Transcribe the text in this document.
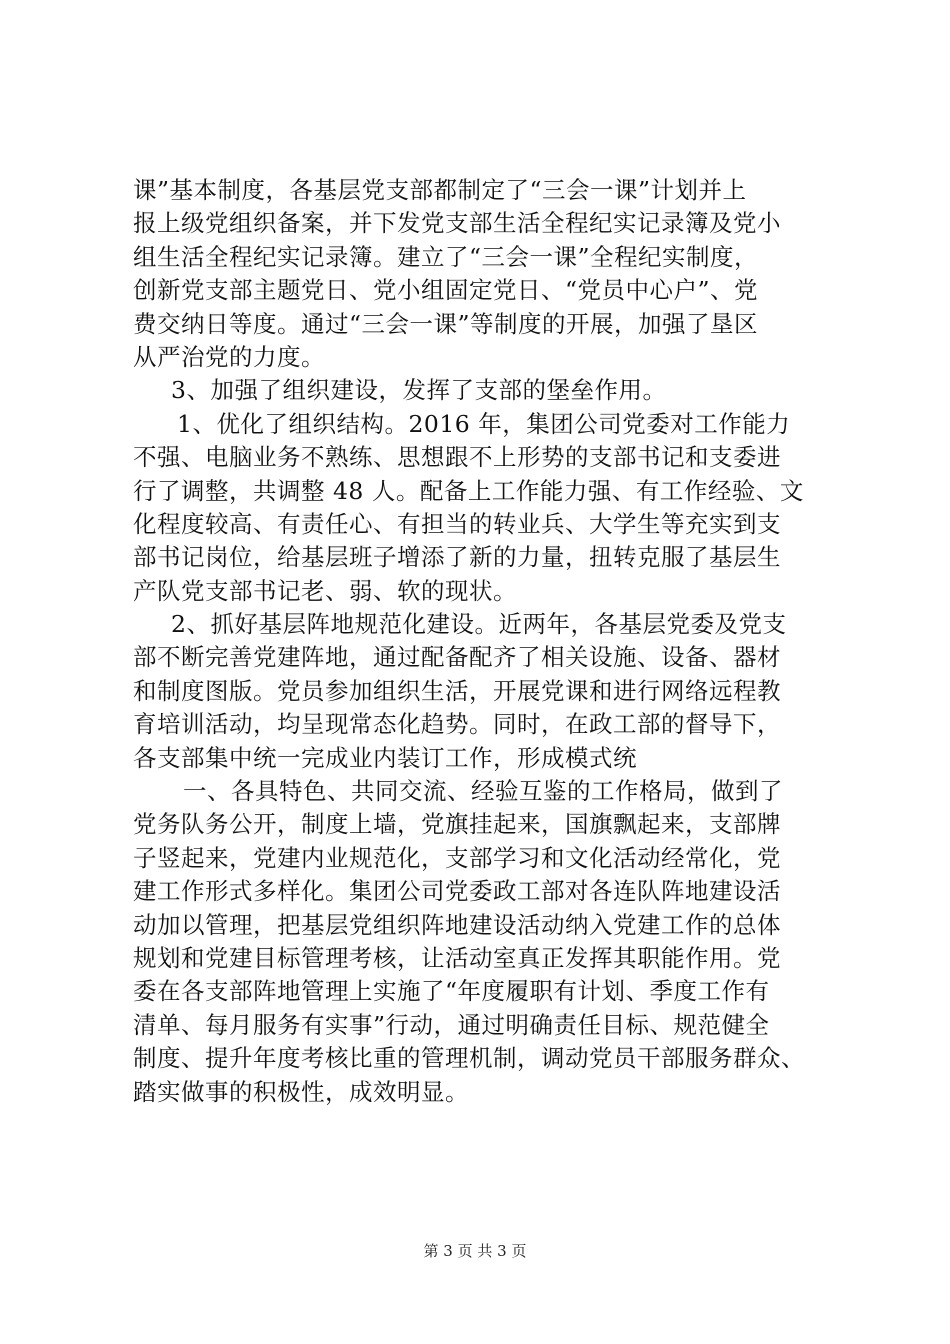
课”基本制度，各基层党支部都制定了“三会一课”计划并上
报上级党组织备案，并下发党支部生活全程纪实记录簿及党小
组生活全程纪实记录簿。建立了“三会一课”全程纪实制度，
创新党支部主题党日、党小组固定党日、“党员中心户”、党
费交纳日等度。通过“三会一课”等制度的开展，加强了垦区
从严治党的力度。
3、加强了组织建设，发挥了支部的堡垒作用。
1、优化了组织结构。2016 年，集团公司党委对工作能力
不强、电脑业务不熟练、思想跟不上形势的支部书记和支委进
行了调整，共调整 48 人。配备上工作能力强、有工作经验、文
化程度较高、有责任心、有担当的转业兵、大学生等充实到支
部书记岗位，给基层班子增添了新的力量，扭转克服了基层生
产队党支部书记老、弱、软的现状。
2、抓好基层阵地规范化建设。近两年，各基层党委及党支
部不断完善党建阵地，通过配备配齐了相关设施、设备、器材
和制度图版。党员参加组织生活，开展党课和进行网络远程教
育培训活动，均呈现常态化趋势。同时，在政工部的督导下，
各支部集中统一完成业内装订工作，形成模式统
一、各具特色、共同交流、经验互鉴的工作格局，做到了
党务队务公开，制度上墙，党旗挂起来，国旗飘起来，支部牌
子竖起来，党建内业规范化，支部学习和文化活动经常化，党
建工作形式多样化。集团公司党委政工部对各连队阵地建设活
动加以管理，把基层党组织阵地建设活动纳入党建工作的总体
规划和党建目标管理考核，让活动室真正发挥其职能作用。党
委在各支部阵地管理上实施了“年度履职有计划、季度工作有
清单、每月服务有实事”行动，通过明确责任目标、规范健全
制度、提升年度考核比重的管理机制，调动党员干部服务群众、
踏实做事的积极性，成效明显。
第 3 页 共 3 页
